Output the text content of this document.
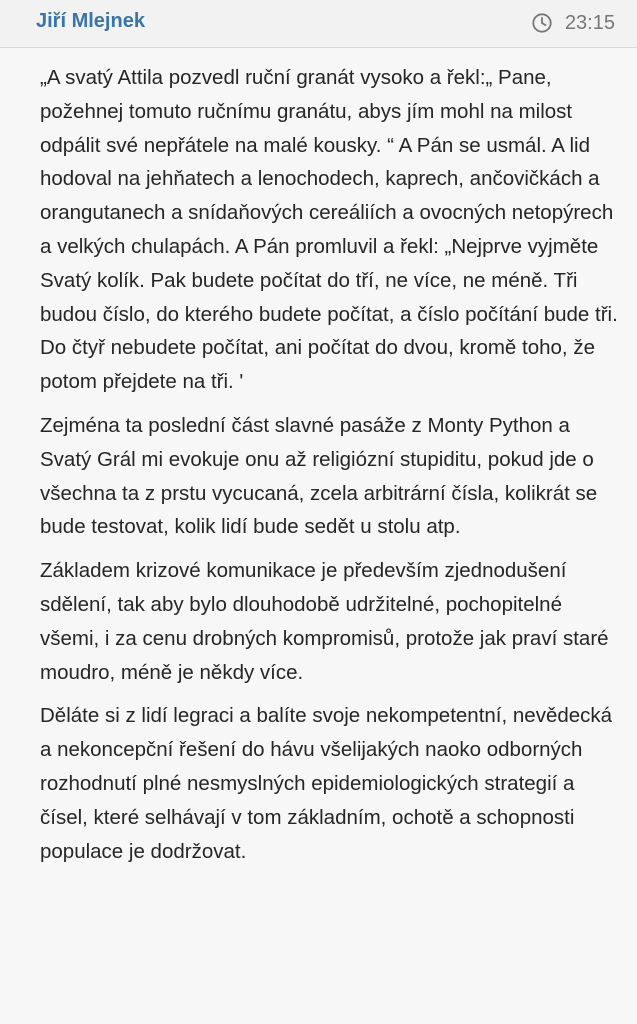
Jiří Mlejnek	23:15

„A svatý Attila pozvedl ruční granát vysoko a řekl:„ Pane, požehnej tomuto ručnímu granátu, abys jím mohl na milost odpálit své nepřátele na malé kousky. “ A Pán se usmál. A lid hodoval na jehňatech a lenochodech, kaprech, ančovičkách a orangutanech a snídaňových cereáliích a ovocných netopýrech a velkých chulapách. A Pán promluvil a řekl: „Nejprve vyjměte Svatý kolík. Pak budete počítat do tří, ne více, ne méně. Tři budou číslo, do kterého budete počítat, a číslo počítání bude tři. Do čtyř nebudete počítat, ani počítat do dvou, kromě toho, že potom přejdete na tři. '

Zejména ta poslední část slavné pasáže z Monty Python a Svatý Grál mi evokuje onu až religiózní stupiditu, pokud jde o všechna ta z prstu vycucaná, zcela arbitrární čísla, kolikrát se bude testovat, kolik lidí bude sedět u stolu atp.

Základem krizové komunikace je především zjednodušení sdělení, tak aby bylo dlouhodobě udržitelné, pochopitelné všemi, i za cenu drobných kompromisů, protože jak praví staré moudro, méně je někdy více.

Děláte si z lidí legraci a balíte svoje nekompetentní, nevědecká a nekoncepční řešení do hávu všelijakých naoko odborných rozhodnutí plné nesmyslných epidemiologických strategií a čísel, které selhávají v tom základním, ochotě a schopnosti populace je dodržovat.
